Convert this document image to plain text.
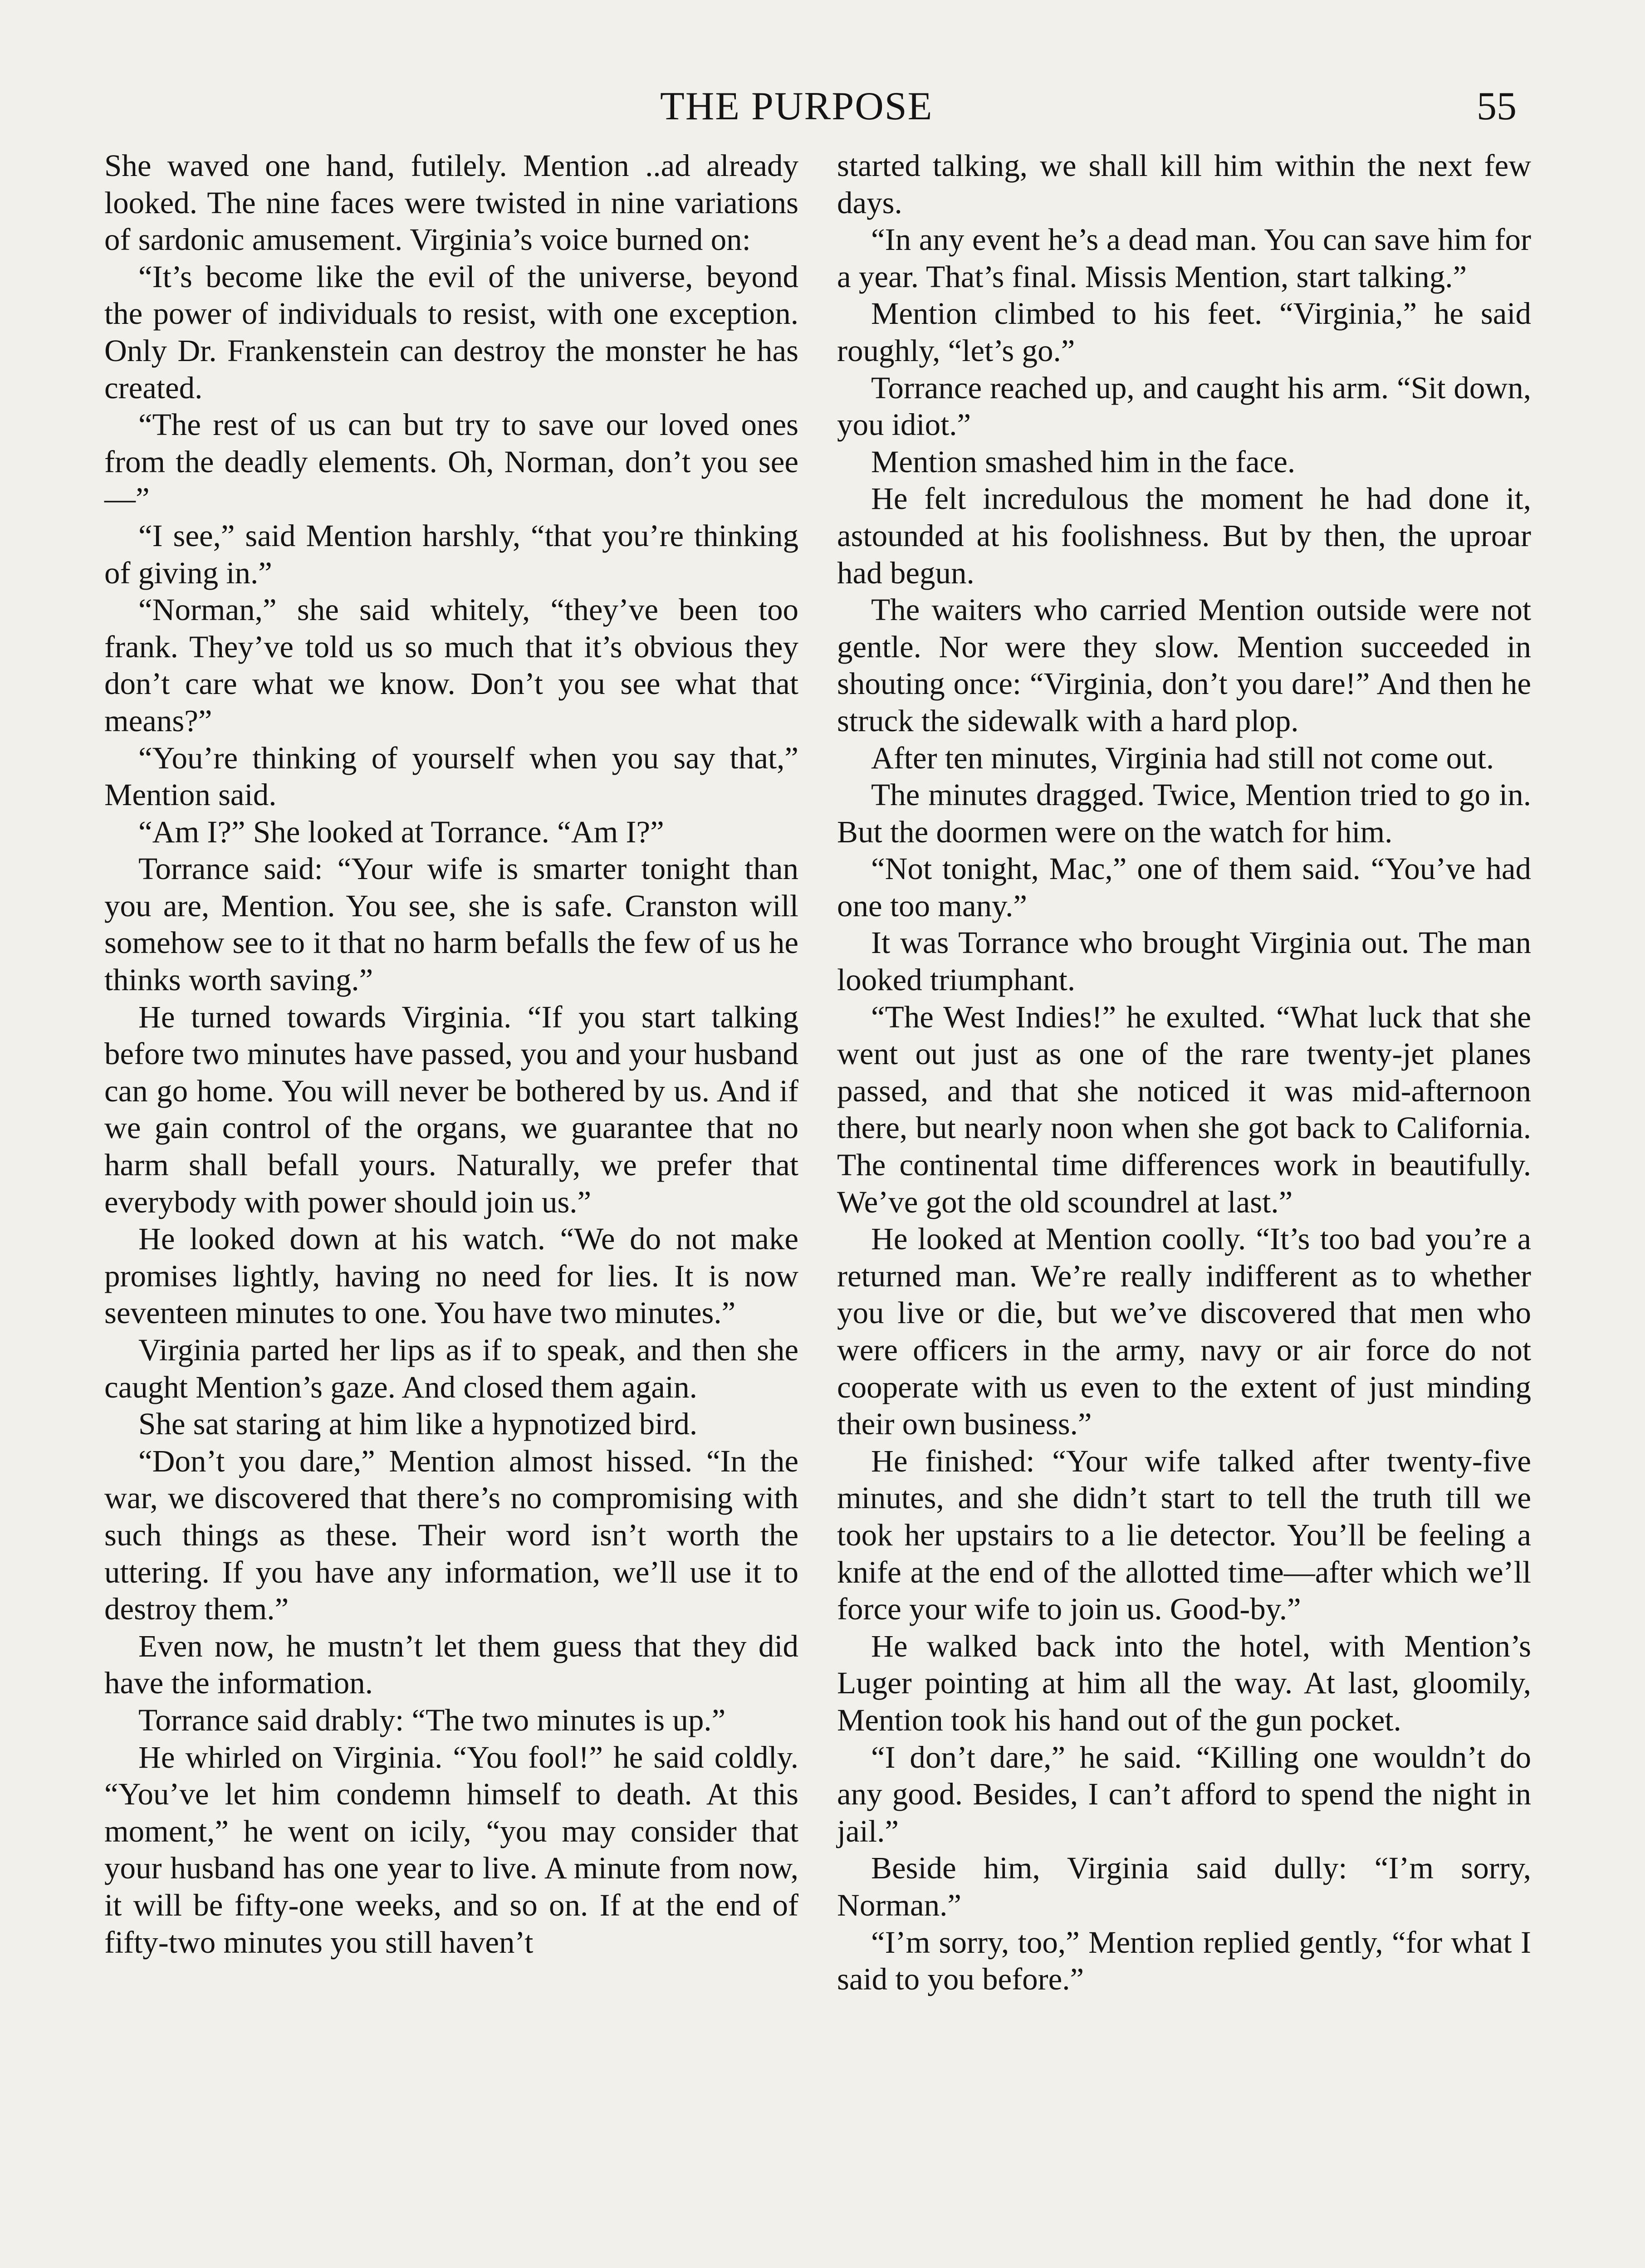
THE PURPOSE	55

She waved one hand, futilely. Mention ..ad already looked. The nine faces were twisted in nine variations of sardonic amusement. Virginia’s voice burned on:

“It’s become like the evil of the universe, beyond the power of individuals to resist, with one exception. Only Dr. Frankenstein can destroy the monster he has created.

“The rest of us can but try to save our loved ones from the deadly elements. Oh, Norman, don’t you see—”

“I see,” said Mention harshly, “that you’re thinking of giving in.”

“Norman,” she said whitely, “they’ve been too frank. They’ve told us so much that it’s obvious they don’t care what we know. Don’t you see what that means?”

“You’re thinking of yourself when you say that,” Mention said.

“Am I?” She looked at Torrance. “Am I?”

Torrance said: “Your wife is smarter tonight than you are, Mention. You see, she is safe. Cranston will somehow see to it that no harm befalls the few of us he thinks worth saving.”

He turned towards Virginia. “If you start talking before two minutes have passed, you and your husband can go home. You will never be bothered by us. And if we gain control of the organs, we guarantee that no harm shall befall yours. Naturally, we prefer that everybody with power should join us.”

He looked down at his watch. “We do not make promises lightly, having no need for lies. It is now seventeen minutes to one. You have two minutes.”

Virginia parted her lips as if to speak, and then she caught Mention’s gaze. And closed them again.

She sat staring at him like a hypnotized bird.

“Don’t you dare,” Mention almost hissed. “In the war, we discovered that there’s no compromising with such things as these. Their word isn’t worth the uttering. If you have any information, we’ll use it to destroy them.”

Even now, he mustn’t let them guess that they did have the information.

Torrance said drably: “The two minutes is up.”

He whirled on Virginia. “You fool!” he said coldly. “You’ve let him condemn himself to death. At this moment,” he went on icily, “you may consider that your husband has one year to live. A minute from now, it will be fifty-one weeks, and so on. If at the end of fifty-two minutes you still haven’t

started talking, we shall kill him within the next few days.

“In any event he’s a dead man. You can save him for a year. That’s final. Missis Mention, start talking.”

Mention climbed to his feet. “Virginia,” he said roughly, “let’s go.”

Torrance reached up, and caught his arm. “Sit down, you idiot.”

Mention smashed him in the face.

He felt incredulous the moment he had done it, astounded at his foolishness. But by then, the uproar had begun.

The waiters who carried Mention outside were not gentle. Nor were they slow. Mention succeeded in shouting once: “Virginia, don’t you dare!” And then he struck the sidewalk with a hard plop.

After ten minutes, Virginia had still not come out.

The minutes dragged. Twice, Mention tried to go in. But the doormen were on the watch for him.

“Not tonight, Mac,” one of them said. “You’ve had one too many.”

It was Torrance who brought Virginia out. The man looked triumphant.

“The West Indies!” he exulted. “What luck that she went out just as one of the rare twenty-jet planes passed, and that she noticed it was mid-afternoon there, but nearly noon when she got back to California. The continental time differences work in beautifully. We’ve got the old scoundrel at last.”

He looked at Mention coolly. “It’s too bad you’re a returned man. We’re really indifferent as to whether you live or die, but we’ve discovered that men who were officers in the army, navy or air force do not cooperate with us even to the extent of just minding their own business.”

He finished: “Your wife talked after twenty-five minutes, and she didn’t start to tell the truth till we took her upstairs to a lie detector. You’ll be feeling a knife at the end of the allotted time—after which we’ll force your wife to join us. Good-by.”

He walked back into the hotel, with Mention’s Luger pointing at him all the way. At last, gloomily, Mention took his hand out of the gun pocket.

“I don’t dare,” he said. “Killing one wouldn’t do any good. Besides, I can’t afford to spend the night in jail.”

Beside him, Virginia said dully: “I’m sorry, Norman.”

“I’m sorry, too,” Mention replied gently, “for what I said to you before.”
